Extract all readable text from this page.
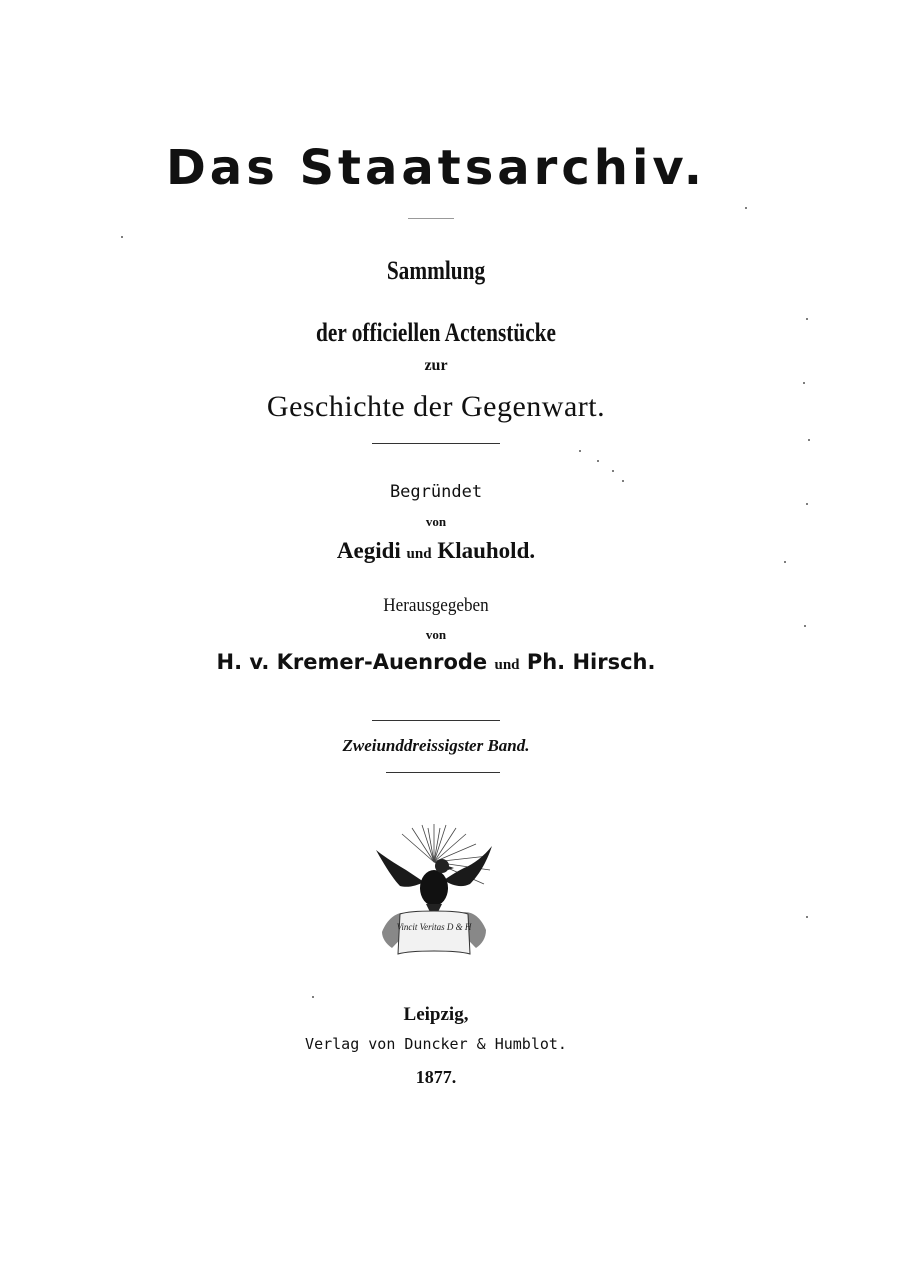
Das Staatsarchiv.

Sammlung

der officiellen Actenstücke

zur

Geschichte der Gegenwart.

Begründet

von

Aegidi und Klauhold.

Herausgegeben

von

H. v. Kremer-Auenrode und Ph. Hirsch.

Zweiunddreissigster Band.

Vincit Veritas D & H

Leipzig,

Verlag von Duncker & Humblot.

1877.
